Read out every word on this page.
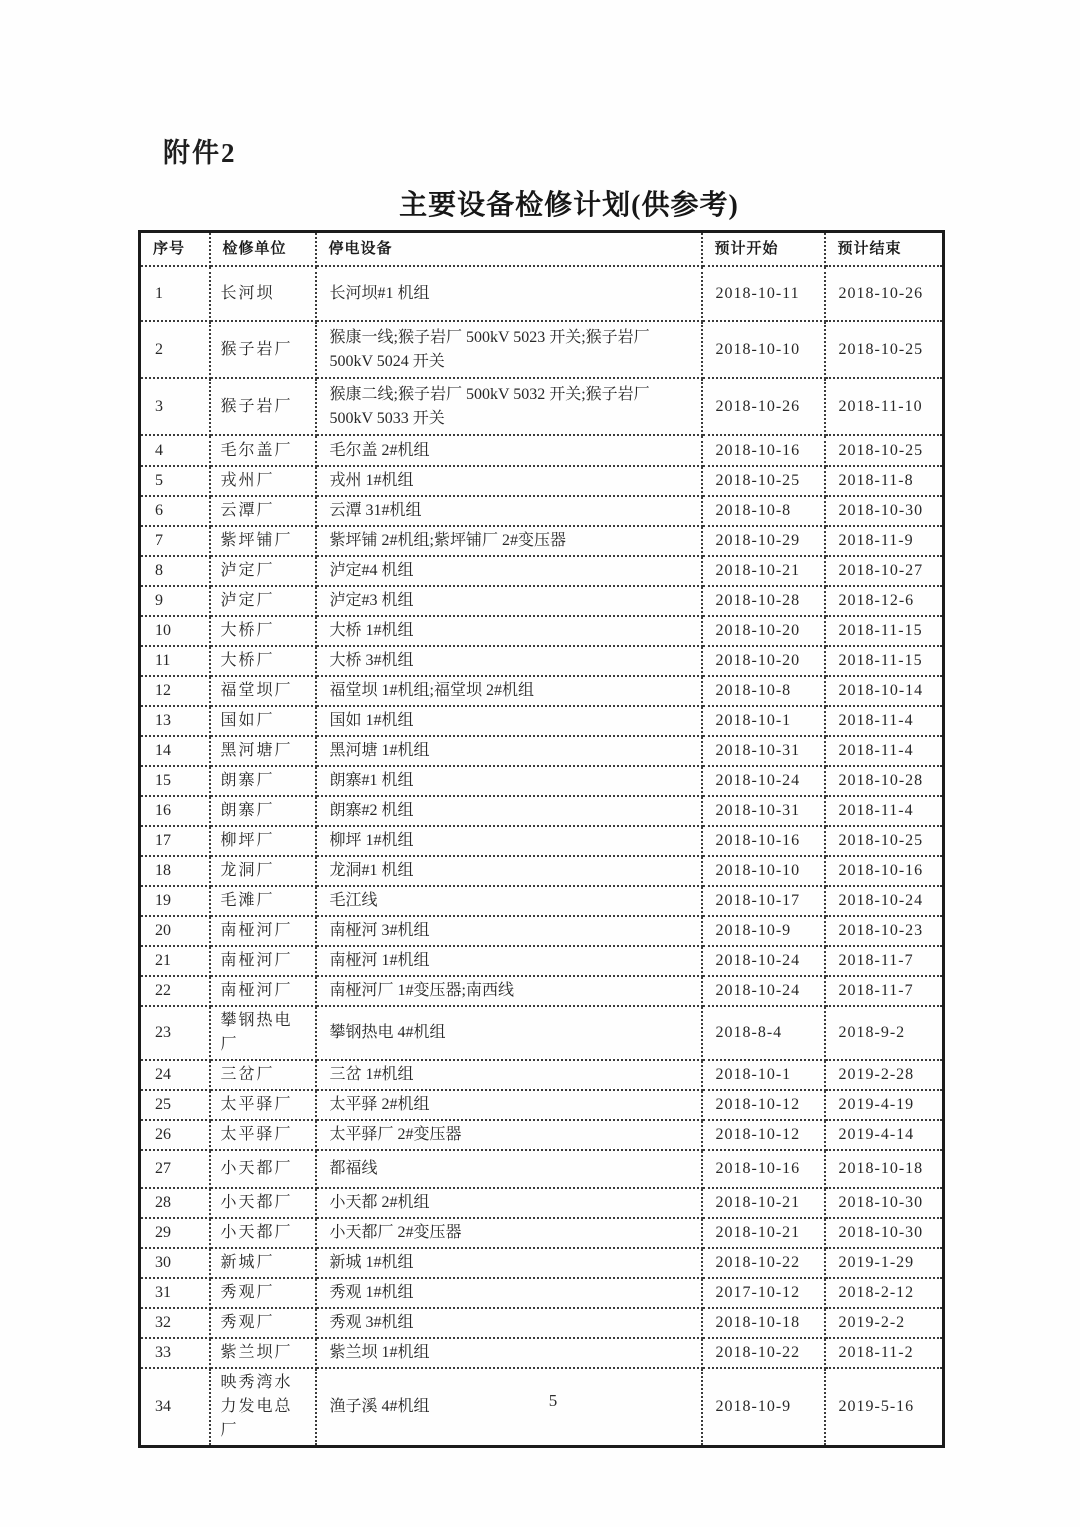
附件2
主要设备检修计划(供参考)
序号	检修单位	停电设备	预计开始	预计结束
1	长河坝	长河坝#1 机组	2018-10-11	2018-10-26
2	猴子岩厂	猴康一线;猴子岩厂 500kV 5023 开关;猴子岩厂 500kV 5024 开关	2018-10-10	2018-10-25
3	猴子岩厂	猴康二线;猴子岩厂 500kV 5032 开关;猴子岩厂 500kV 5033 开关	2018-10-26	2018-11-10
4	毛尔盖厂	毛尔盖 2#机组	2018-10-16	2018-10-25
5	戎州厂	戎州 1#机组	2018-10-25	2018-11-8
6	云潭厂	云潭 31#机组	2018-10-8	2018-10-30
7	紫坪铺厂	紫坪铺 2#机组;紫坪铺厂 2#变压器	2018-10-29	2018-11-9
8	泸定厂	泸定#4 机组	2018-10-21	2018-10-27
9	泸定厂	泸定#3 机组	2018-10-28	2018-12-6
10	大桥厂	大桥 1#机组	2018-10-20	2018-11-15
11	大桥厂	大桥 3#机组	2018-10-20	2018-11-15
12	福堂坝厂	福堂坝 1#机组;福堂坝 2#机组	2018-10-8	2018-10-14
13	国如厂	国如 1#机组	2018-10-1	2018-11-4
14	黑河塘厂	黑河塘 1#机组	2018-10-31	2018-11-4
15	朗寨厂	朗寨#1 机组	2018-10-24	2018-10-28
16	朗寨厂	朗寨#2 机组	2018-10-31	2018-11-4
17	柳坪厂	柳坪 1#机组	2018-10-16	2018-10-25
18	龙洞厂	龙洞#1 机组	2018-10-10	2018-10-16
19	毛滩厂	毛江线	2018-10-17	2018-10-24
20	南桠河厂	南桠河 3#机组	2018-10-9	2018-10-23
21	南桠河厂	南桠河 1#机组	2018-10-24	2018-11-7
22	南桠河厂	南桠河厂 1#变压器;南西线	2018-10-24	2018-11-7
23	攀钢热电厂	攀钢热电 4#机组	2018-8-4	2018-9-2
24	三岔厂	三岔 1#机组	2018-10-1	2019-2-28
25	太平驿厂	太平驿 2#机组	2018-10-12	2019-4-19
26	太平驿厂	太平驿厂 2#变压器	2018-10-12	2019-4-14
27	小天都厂	都福线	2018-10-16	2018-10-18
28	小天都厂	小天都 2#机组	2018-10-21	2018-10-30
29	小天都厂	小天都厂 2#变压器	2018-10-21	2018-10-30
30	新城厂	新城 1#机组	2018-10-22	2019-1-29
31	秀观厂	秀观 1#机组	2017-10-12	2018-2-12
32	秀观厂	秀观 3#机组	2018-10-18	2019-2-2
33	紫兰坝厂	紫兰坝 1#机组	2018-10-22	2018-11-2
34	映秀湾水力发电总厂	渔子溪 4#机组	2018-10-9	2019-5-16
5
